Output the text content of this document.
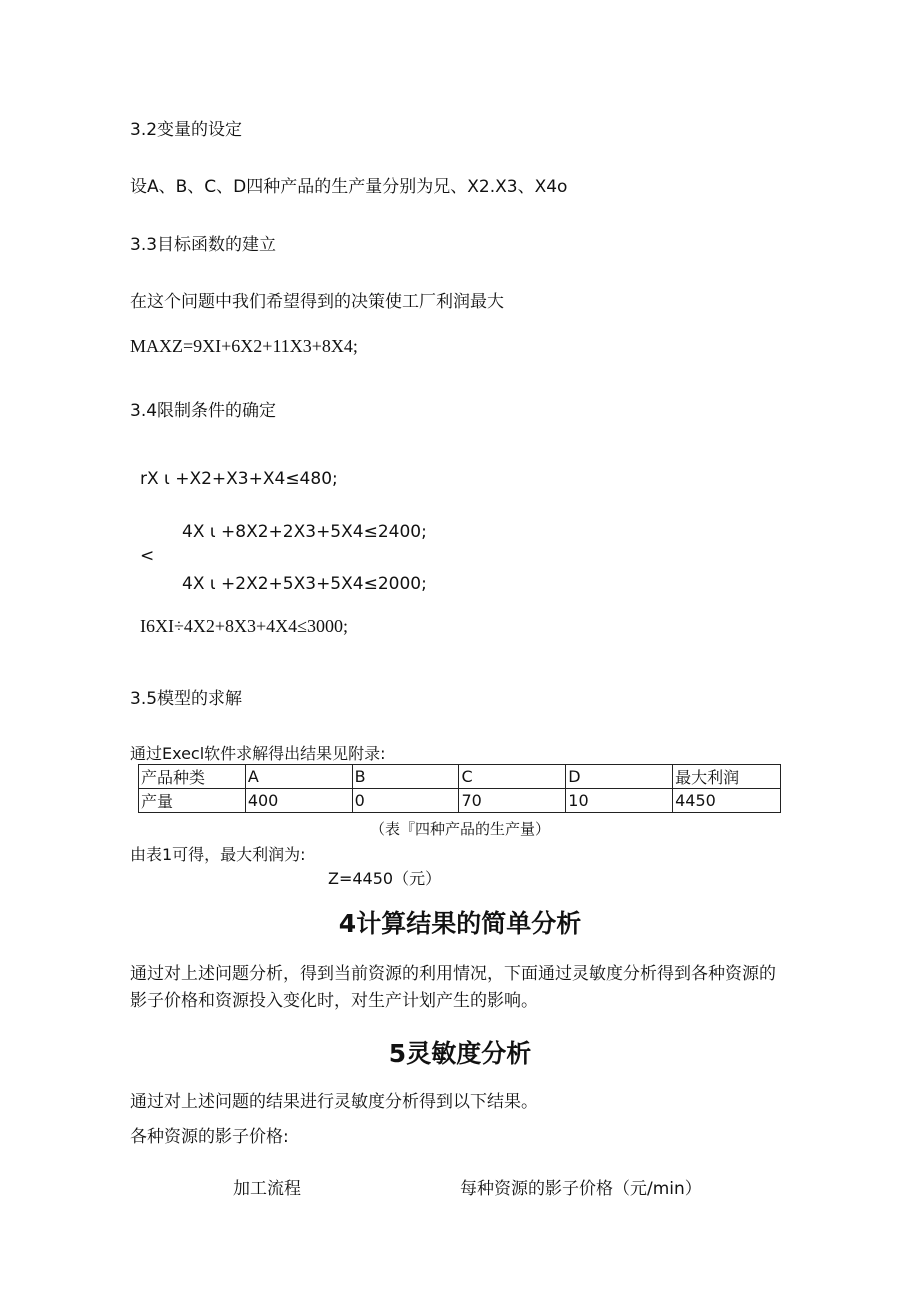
3.2变量的设定
设A、B、C、D四种产品的生产量分别为兄、X2.X3、X4o
3.3目标函数的建立
在这个问题中我们希望得到的决策使工厂利润最大
MAXZ=9XI+6X2+11X3+8X4;
3.4限制条件的确定
rX ι +X2+X3+X4≤480;
4X ι +8X2+2X3+5X4≤2400;
<
4X ι +2X2+5X3+5X4≤2000;
I6XI÷4X2+8X3+4X4≤3000;
3.5模型的求解
通过Execl软件求解得出结果见附录:
产品种类	A	B	C	D	最大利润
产量	400	0	70	10	4450
（表『四种产品的生产量）
由表1可得，最大利润为:
Z=4450（元）
4计算结果的简单分析
通过对上述问题分析，得到当前资源的利用情况，下面通过灵敏度分析得到各种资源的
影子价格和资源投入变化时，对生产计划产生的影响。
5灵敏度分析
通过对上述问题的结果进行灵敏度分析得到以下结果。
各种资源的影子价格:
加工流程	每种资源的影子价格（元/min）
